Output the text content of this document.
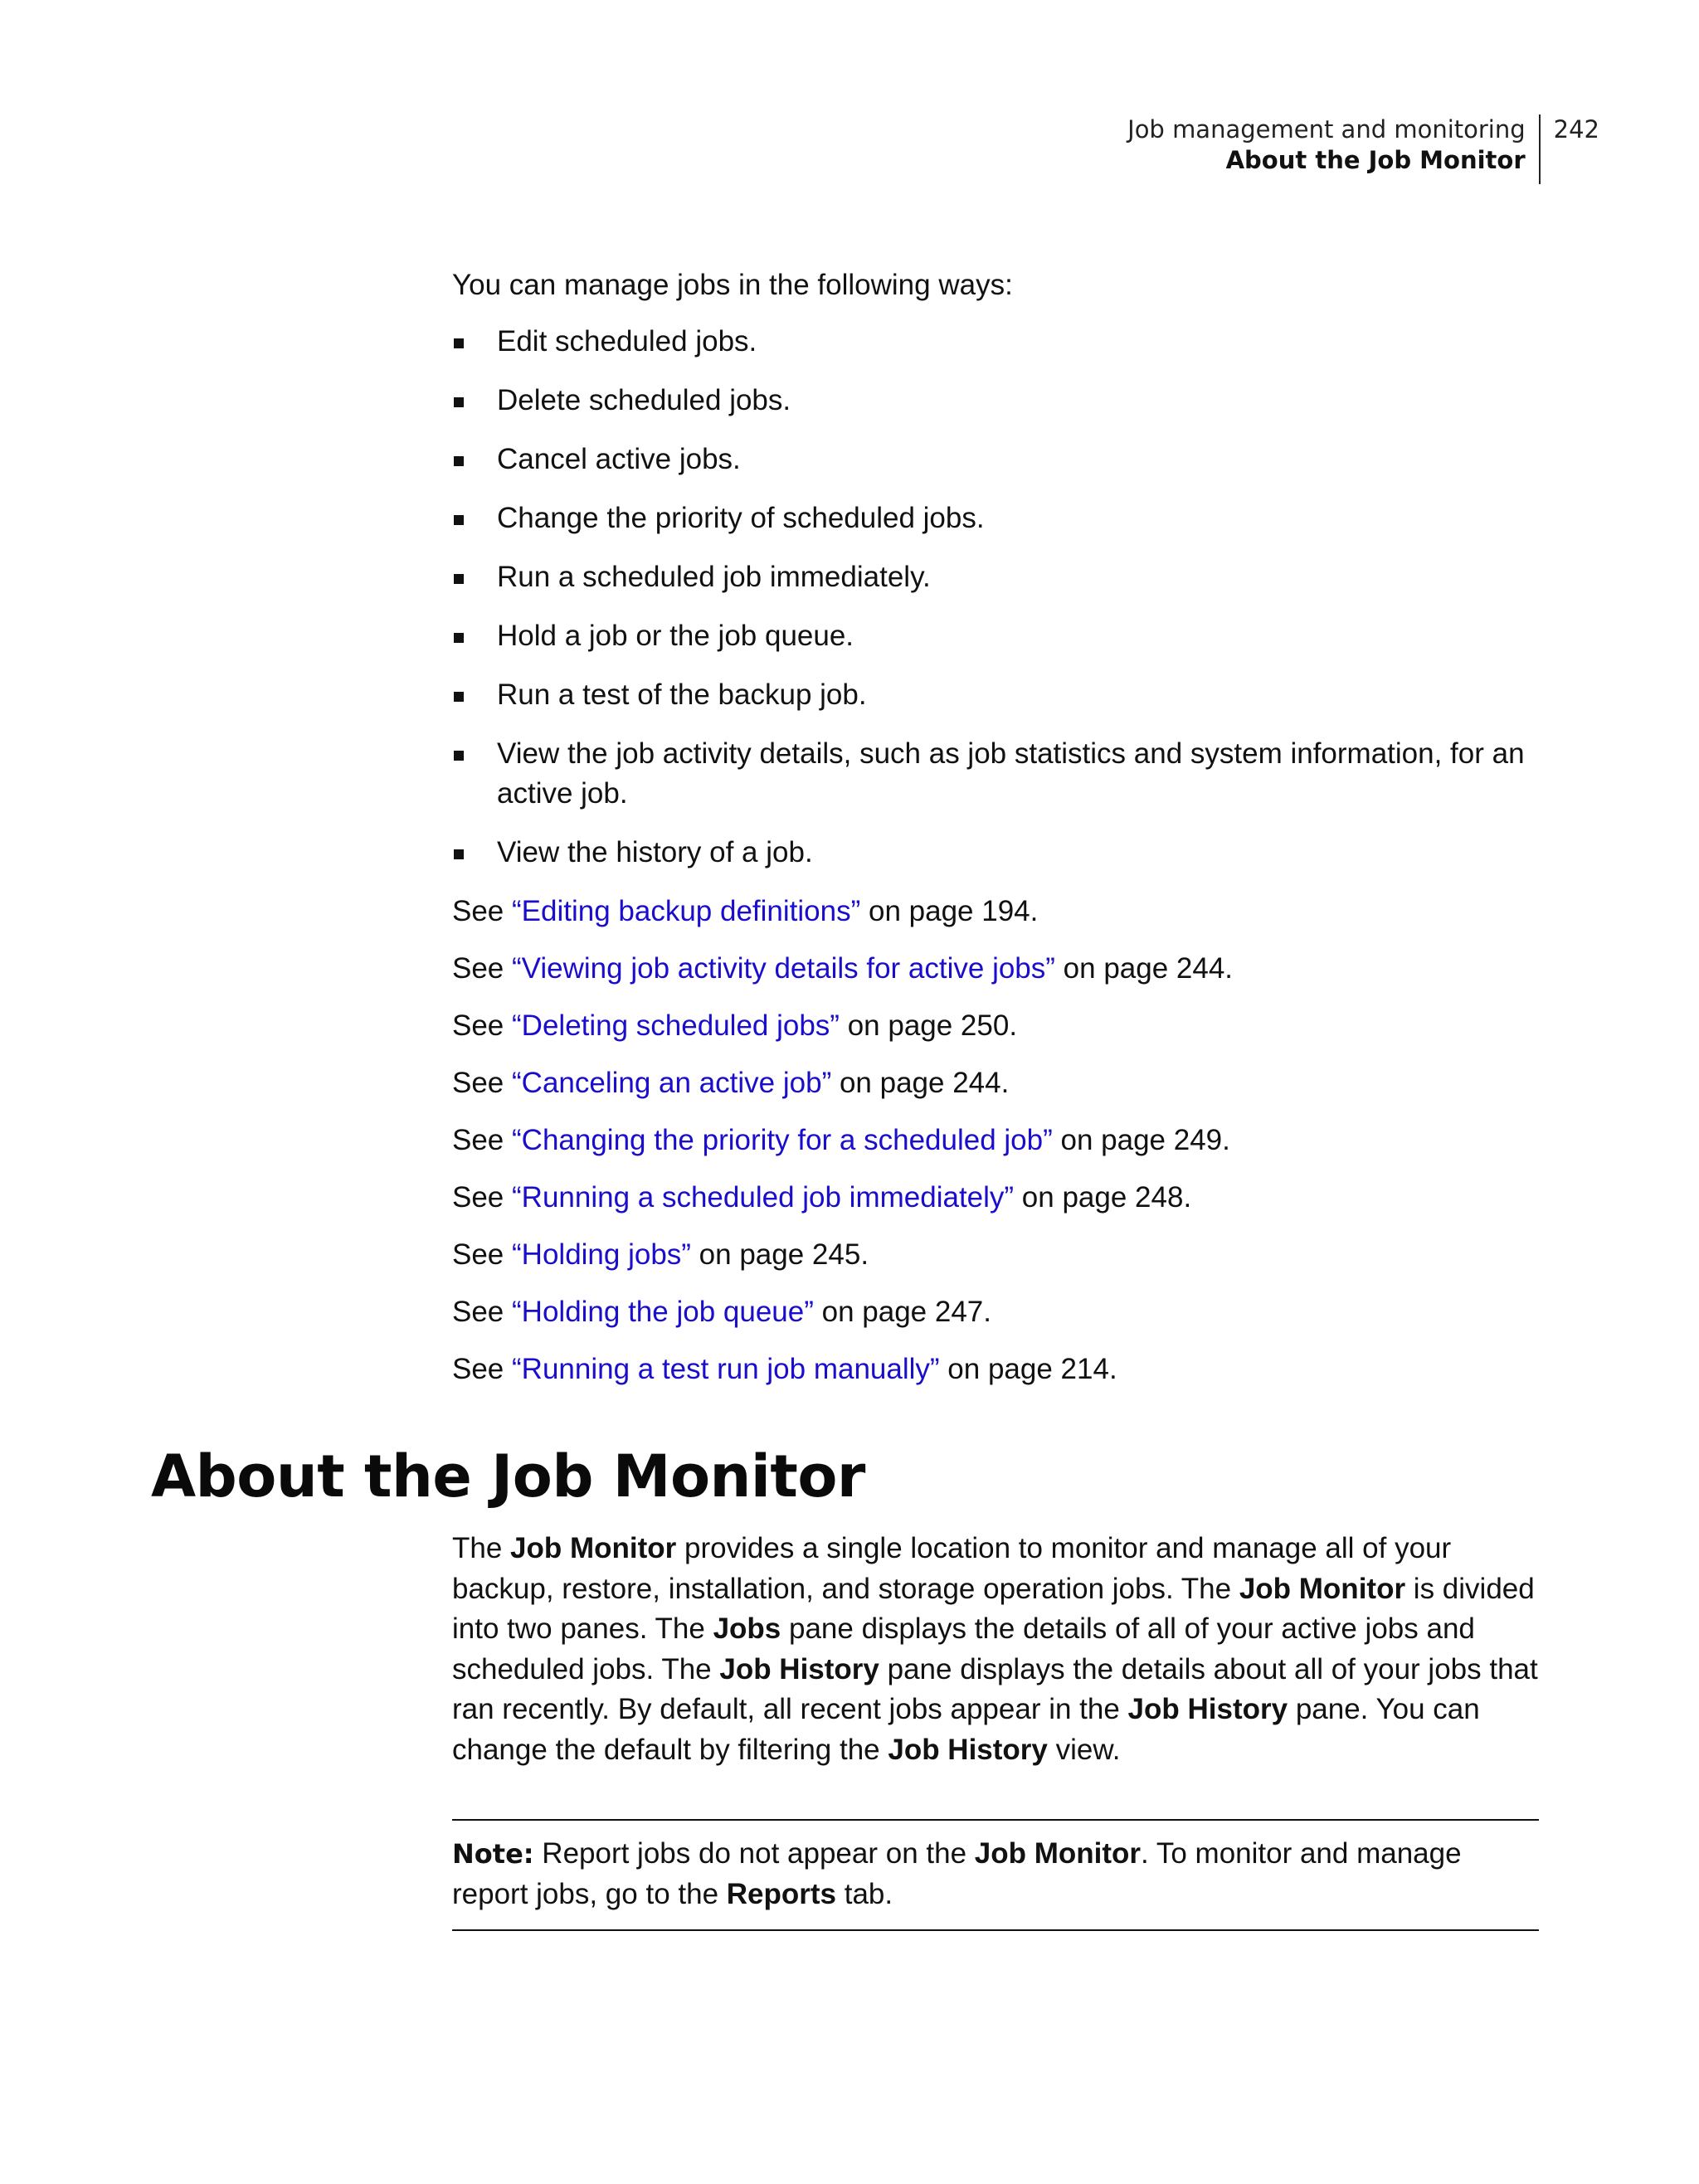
Job management and monitoring
About the Job Monitor
242

You can manage jobs in the following ways:

Edit scheduled jobs.
Delete scheduled jobs.
Cancel active jobs.
Change the priority of scheduled jobs.
Run a scheduled job immediately.
Hold a job or the job queue.
Run a test of the backup job.
View the job activity details, such as job statistics and system information, for an active job.
View the history of a job.
See “Editing backup definitions” on page 194.
See “Viewing job activity details for active jobs” on page 244.
See “Deleting scheduled jobs” on page 250.
See “Canceling an active job” on page 244.
See “Changing the priority for a scheduled job” on page 249.
See “Running a scheduled job immediately” on page 248.
See “Holding jobs” on page 245.
See “Holding the job queue” on page 247.
See “Running a test run job manually” on page 214.
About the Job Monitor

The Job Monitor provides a single location to monitor and manage all of your backup, restore, installation, and storage operation jobs. The Job Monitor is divided into two panes. The Jobs pane displays the details of all of your active jobs and scheduled jobs. The Job History pane displays the details about all of your jobs that ran recently. By default, all recent jobs appear in the Job History pane. You can change the default by filtering the Job History view.

Note: Report jobs do not appear on the Job Monitor. To monitor and manage report jobs, go to the Reports tab.
